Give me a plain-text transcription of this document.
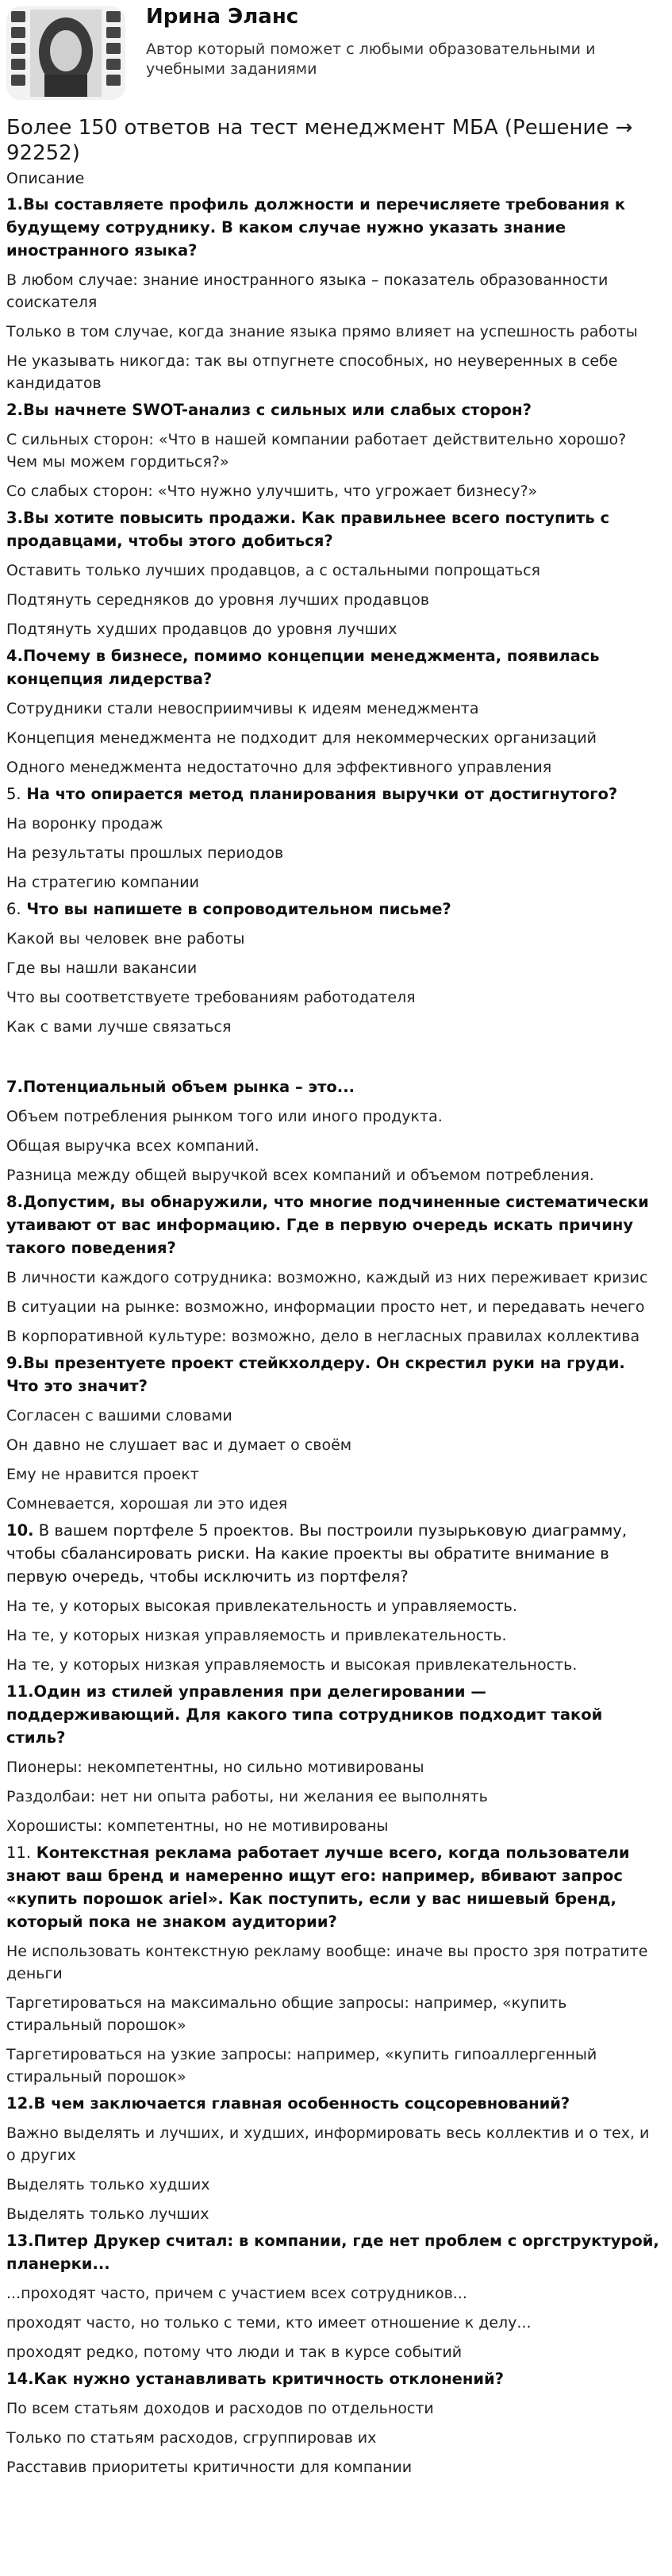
Ирина Эланс
Автор который поможет с любыми образовательными и учебными заданиями
Более 150 ответов на тест менеджмент МБА (Решение → 92252)
Описание
1.Вы составляете профиль должности и перечисляете требования к будущему сотруднику. В каком случае нужно указать знание иностранного языка?
В любом случае: знание иностранного языка – показатель образованности соискателя
Только в том случае, когда знание языка прямо влияет на успешность работы
Не указывать никогда: так вы отпугнете способных, но неуверенных в себе кандидатов
2.Вы начнете SWOT-анализ с сильных или слабых сторон?
С сильных сторон: «Что в нашей компании работает действительно хорошо? Чем мы можем гордиться?»
Со слабых сторон: «Что нужно улучшить, что угрожает бизнесу?»
3.Вы хотите повысить продажи. Как правильнее всего поступить с продавцами, чтобы этого добиться?
Оставить только лучших продавцов, а с остальными попрощаться
Подтянуть середняков до уровня лучших продавцов
Подтянуть худших продавцов до уровня лучших
4.Почему в бизнесе, помимо концепции менеджмента, появилась концепция лидерства?
Сотрудники стали невосприимчивы к идеям менеджмента
Концепция менеджмента не подходит для некоммерческих организаций
Одного менеджмента недостаточно для эффективного управления
5. На что опирается метод планирования выручки от достигнутого?
На воронку продаж
На результаты прошлых периодов
На стратегию компании
6. Что вы напишете в сопроводительном письме?
Какой вы человек вне работы
Где вы нашли вакансии
Что вы соответствуете требованиям работодателя
Как с вами лучше связаться
7.Потенциальный объем рынка – это...
Объем потребления рынком того или иного продукта.
Общая выручка всех компаний.
Разница между общей выручкой всех компаний и объемом потребления.
8.Допустим, вы обнаружили, что многие подчиненные систематически утаивают от вас информацию. Где в первую очередь искать причину такого поведения?
В личности каждого сотрудника: возможно, каждый из них переживает кризис
В ситуации на рынке: возможно, информации просто нет, и передавать нечего
В корпоративной культуре: возможно, дело в негласных правилах коллектива
9.Вы презентуете проект стейкхолдеру. Он скрестил руки на груди. Что это значит?
Согласен с вашими словами
Он давно не слушает вас и думает о своём
Ему не нравится проект
Сомневается, хорошая ли это идея
10. В вашем портфеле 5 проектов. Вы построили пузырьковую диаграмму, чтобы сбалансировать риски. На какие проекты вы обратите внимание в первую очередь, чтобы исключить из портфеля?
На те, у которых высокая привлекательность и управляемость.
На те, у которых низкая управляемость и привлекательность.
На те, у которых низкая управляемость и высокая привлекательность.
11.Один из стилей управления при делегировании — поддерживающий. Для какого типа сотрудников подходит такой стиль?
Пионеры: некомпетентны, но сильно мотивированы
Раздолбаи: нет ни опыта работы, ни желания ее выполнять
Хорошисты: компетентны, но не мотивированы
11. Контекстная реклама работает лучше всего, когда пользователи знают ваш бренд и намеренно ищут его: например, вбивают запрос «купить порошок ariel». Как поступить, если у вас нишевый бренд, который пока не знаком аудитории?
Не использовать контекстную рекламу вообще: иначе вы просто зря потратите деньги
Таргетироваться на максимально общие запросы: например, «купить стиральный порошок»
Таргетироваться на узкие запросы: например, «купить гипоаллергенный стиральный порошок»
12.В чем заключается главная особенность соцсоревнований?
Важно выделять и лучших, и худших, информировать весь коллектив и о тех, и о других
Выделять только худших
Выделять только лучших
13.Питер Друкер считал: в компании, где нет проблем с оргструктурой, планерки...
...проходят часто, причем с участием всех сотрудников...
проходят часто, но только с теми, кто имеет отношение к делу...
проходят редко, потому что люди и так в курсе событий
14.Как нужно устанавливать критичность отклонений?
По всем статьям доходов и расходов по отдельности
Только по статьям расходов, сгруппировав их
Расставив приоритеты критичности для компании
